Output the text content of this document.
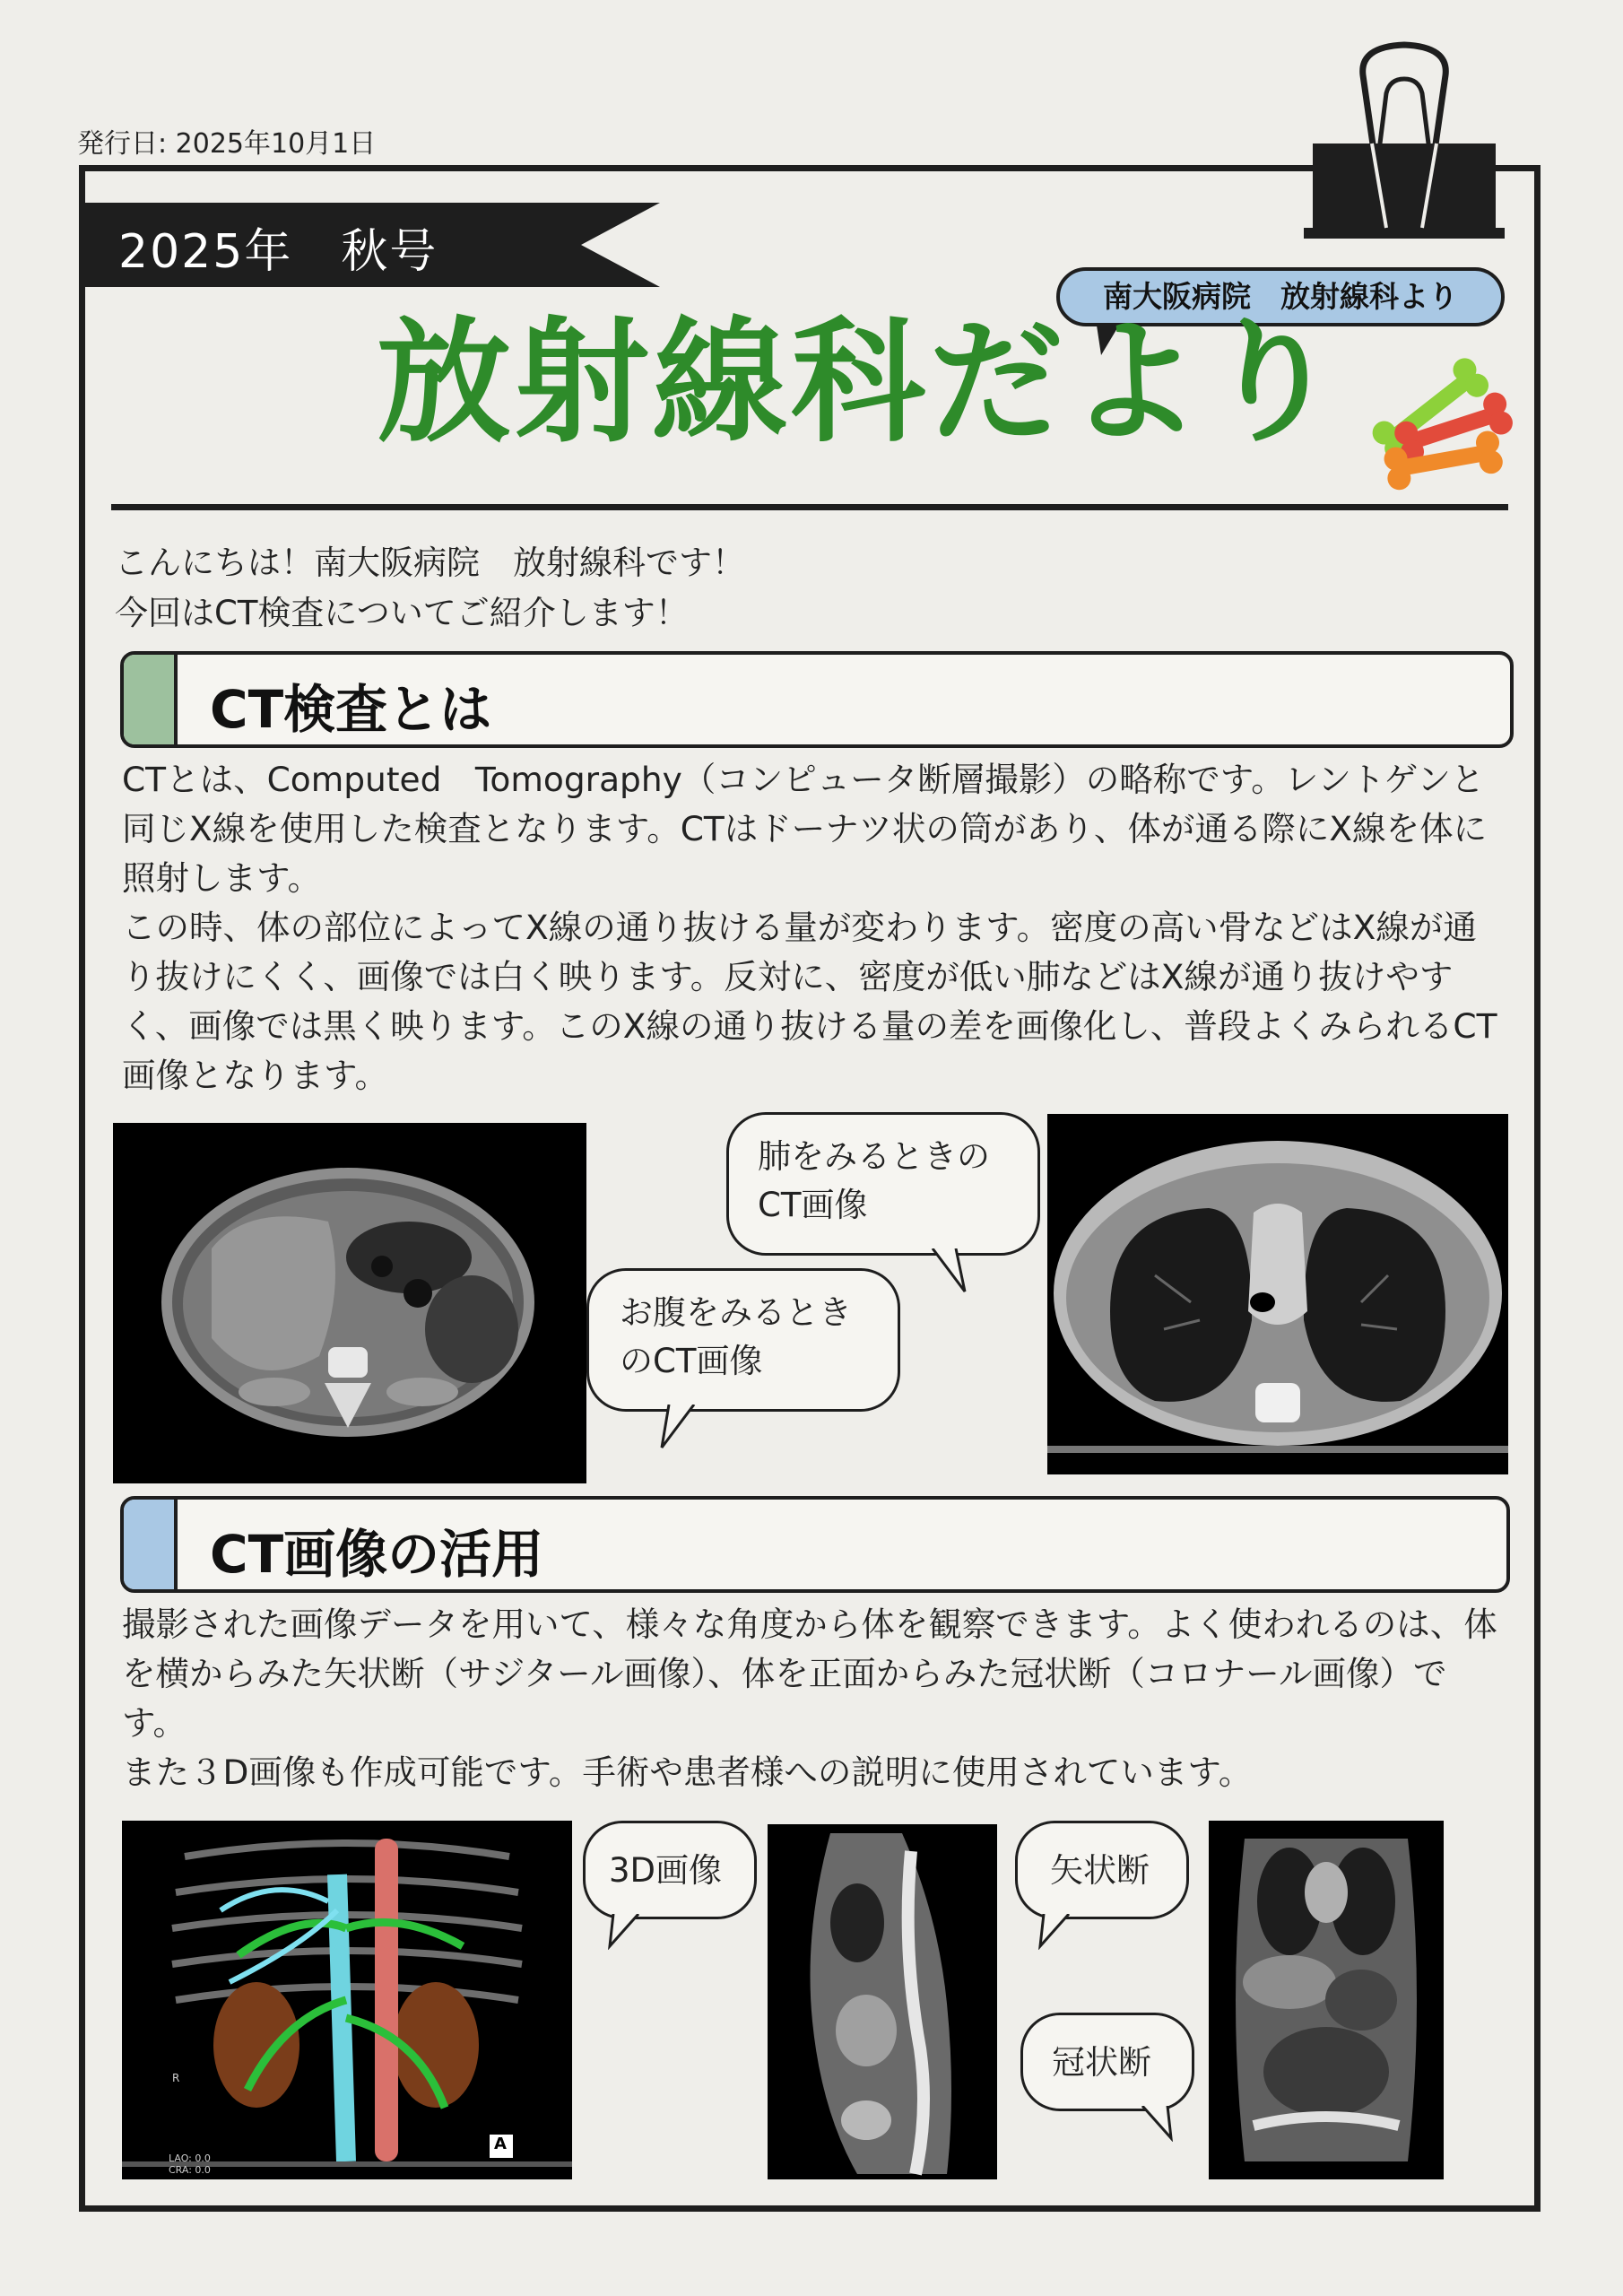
発行日: 2025年10月1日
2025年　秋号
南大阪病院　放射線科より
放射線科だより
こんにちは！南大阪病院　放射線科です！
今回はCT検査についてご紹介します！
CT検査とは

CTとは、Computed　Tomography（コンピュータ断層撮影）の略称です。レントゲンと同じX線を使用した検査となります。CTはドーナツ状の筒があり、体が通る際にX線を体に照射します。

この時、体の部位によってX線の通り抜ける量が変わります。密度の高い骨などはX線が通り抜けにくく、画像では白く映ります。反対に、密度が低い肺などはX線が通り抜けやすく、画像では黒く映ります。このX線の通り抜ける量の差を画像化し、普段よくみられるCT画像となります。

肺をみるときの
CT画像
お腹をみるとき
のCT画像
CT画像の活用

撮影された画像データを用いて、様々な角度から体を観察できます。よく使われるのは、体を横からみた矢状断（サジタール画像）、体を正面からみた冠状断（コロナール画像）です。

また３D画像も作成可能です。手術や患者様への説明に使用されています。

A
R
LAO: 0.0
CRA: 0.0
3D画像	矢状断
冠状断
